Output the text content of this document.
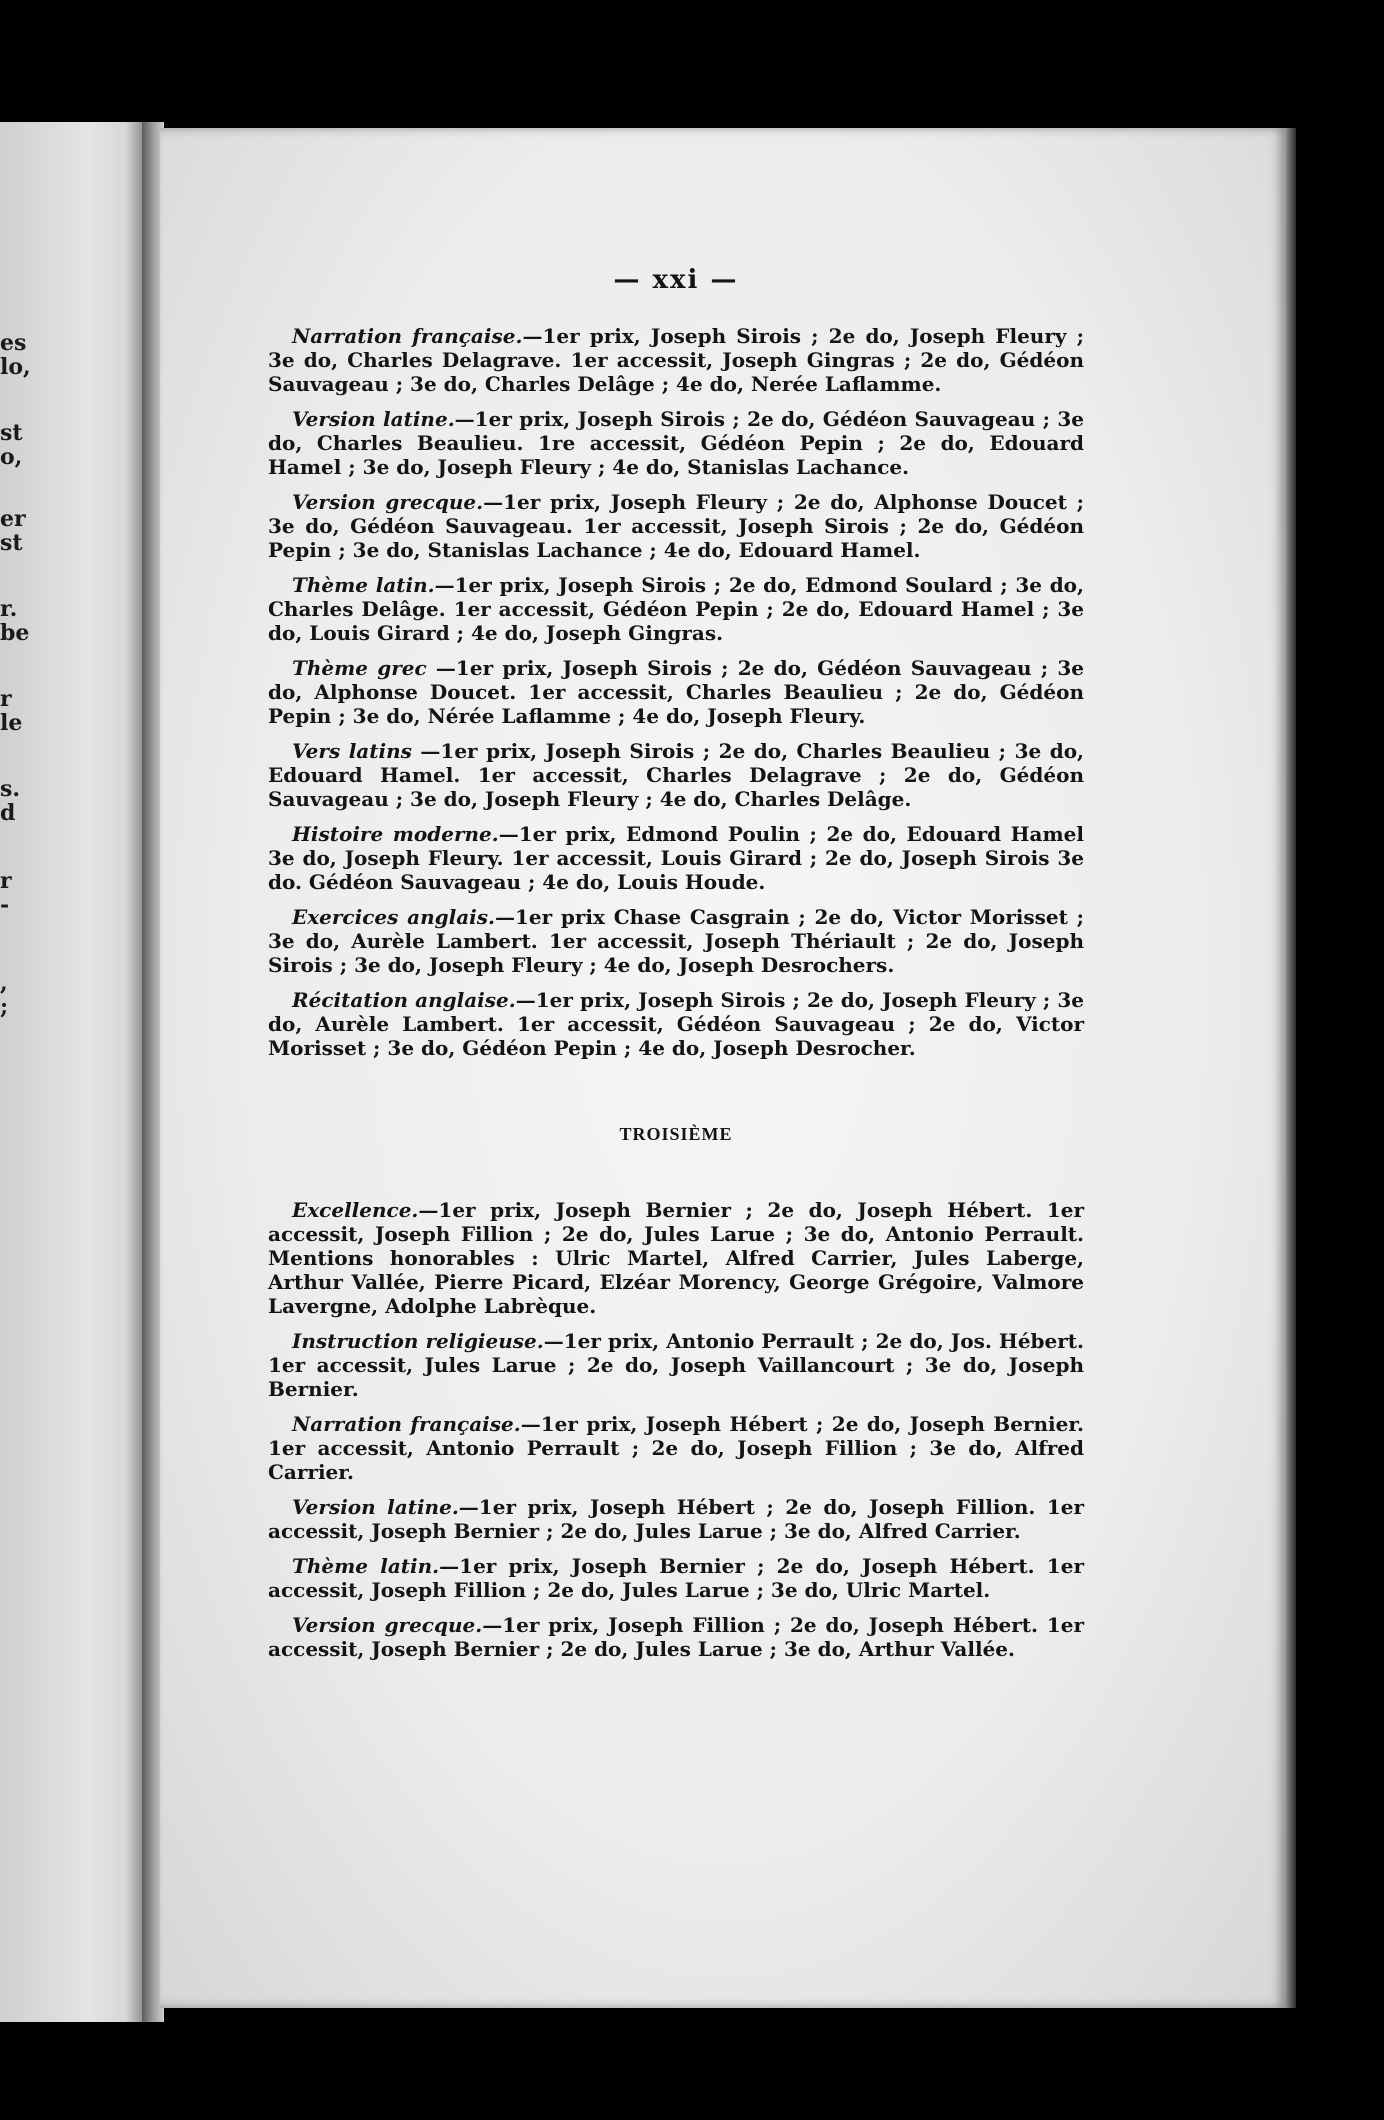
es
lo,
st
o,
er
st
r.
be
r
le
s.
d
r
-
,
;
— xxi —

Narration française.—1er prix, Joseph Sirois ; 2e do, Joseph Fleury ; 3e do, Charles Delagrave. 1er accessit, Joseph Gingras ; 2e do, Gédéon Sauvageau ; 3e do, Charles Delâge ; 4e do, Nerée Laflamme.

Version latine.—1er prix, Joseph Sirois ; 2e do, Gédéon Sauvageau ; 3e do, Charles Beaulieu. 1re accessit, Gédéon Pepin ; 2e do, Edouard Hamel ; 3e do, Joseph Fleury ; 4e do, Stanislas Lachance.

Version grecque.—1er prix, Joseph Fleury ; 2e do, Alphonse Doucet ; 3e do, Gédéon Sauvageau. 1er accessit, Joseph Sirois ; 2e do, Gédéon Pepin ; 3e do, Stanislas Lachance ; 4e do, Edouard Hamel.

Thème latin.—1er prix, Joseph Sirois ; 2e do, Edmond Soulard ; 3e do, Charles Delâge. 1er accessit, Gédéon Pepin ; 2e do, Edouard Hamel ; 3e do, Louis Girard ; 4e do, Joseph Gingras.

Thème grec —1er prix, Joseph Sirois ; 2e do, Gédéon Sauvageau ; 3e do, Alphonse Doucet. 1er accessit, Charles Beaulieu ; 2e do, Gédéon Pepin ; 3e do, Nérée Laflamme ; 4e do, Joseph Fleury.

Vers latins —1er prix, Joseph Sirois ; 2e do, Charles Beaulieu ; 3e do, Edouard Hamel. 1er accessit, Charles Delagrave ; 2e do, Gédéon Sauvageau ; 3e do, Joseph Fleury ; 4e do, Charles Delâge.

Histoire moderne.—1er prix, Edmond Poulin ; 2e do, Edouard Hamel 3e do, Joseph Fleury. 1er accessit, Louis Girard ; 2e do, Joseph Sirois 3e do. Gédéon Sauvageau ; 4e do, Louis Houde.

Exercices anglais.—1er prix Chase Casgrain ; 2e do, Victor Morisset ; 3e do, Aurèle Lambert. 1er accessit, Joseph Thériault ; 2e do, Joseph Sirois ; 3e do, Joseph Fleury ; 4e do, Joseph Desrochers.

Récitation anglaise.—1er prix, Joseph Sirois ; 2e do, Joseph Fleury ; 3e do, Aurèle Lambert. 1er accessit, Gédéon Sauvageau ; 2e do, Victor Morisset ; 3e do, Gédéon Pepin ; 4e do, Joseph Desrocher.

TROISIÈME

Excellence.—1er prix, Joseph Bernier ; 2e do, Joseph Hébert. 1er accessit, Joseph Fillion ; 2e do, Jules Larue ; 3e do, Antonio Perrault. Mentions honorables : Ulric Martel, Alfred Carrier, Jules Laberge, Arthur Vallée, Pierre Picard, Elzéar Morency, George Grégoire, Valmore Lavergne, Adolphe Labrèque.

Instruction religieuse.—1er prix, Antonio Perrault ; 2e do, Jos. Hébert. 1er accessit, Jules Larue ; 2e do, Joseph Vaillancourt ; 3e do, Joseph Bernier.

Narration française.—1er prix, Joseph Hébert ; 2e do, Joseph Bernier. 1er accessit, Antonio Perrault ; 2e do, Joseph Fillion ; 3e do, Alfred Carrier.

Version latine.—1er prix, Joseph Hébert ; 2e do, Joseph Fillion. 1er accessit, Joseph Bernier ; 2e do, Jules Larue ; 3e do, Alfred Carrier.

Thème latin.—1er prix, Joseph Bernier ; 2e do, Joseph Hébert. 1er accessit, Joseph Fillion ; 2e do, Jules Larue ; 3e do, Ulric Martel.

Version grecque.—1er prix, Joseph Fillion ; 2e do, Joseph Hébert. 1er accessit, Joseph Bernier ; 2e do, Jules Larue ; 3e do, Arthur Vallée.
